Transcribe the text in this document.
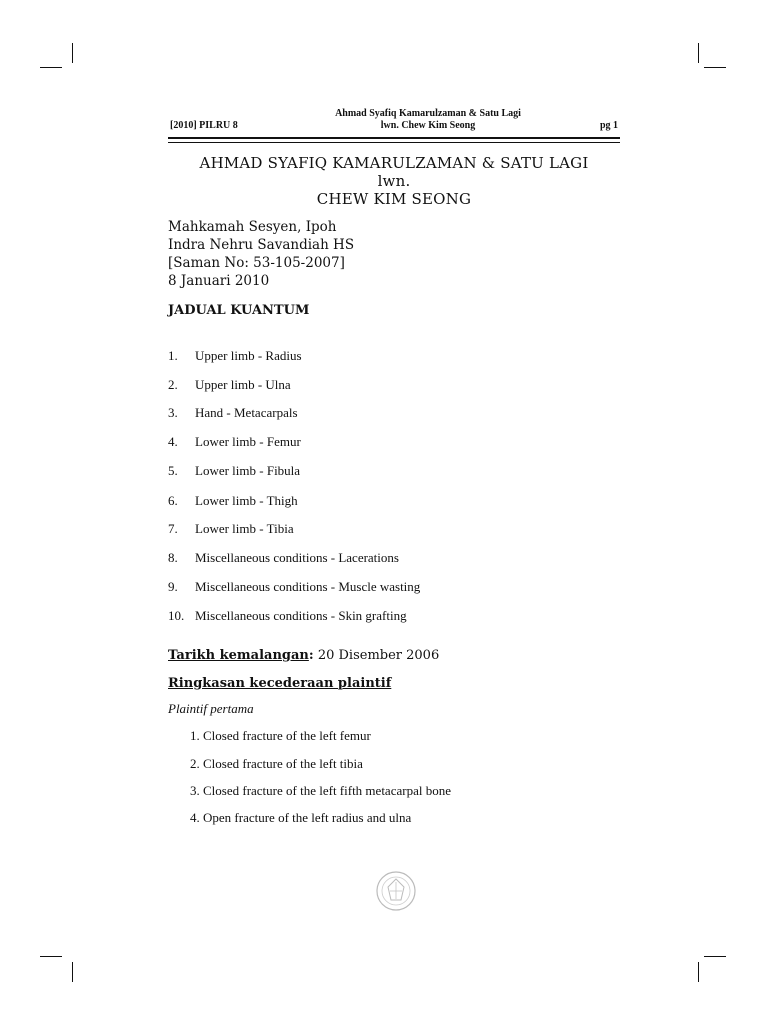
[2010] PILRU 8
Ahmad Syafiq Kamarulzaman & Satu Lagi
lwn. Chew Kim Seong	pg 1
AHMAD SYAFIQ KAMARULZAMAN & SATU LAGI
lwn.
CHEW KIM SEONG
Mahkamah Sesyen, Ipoh
Indra Nehru Savandiah HS
[Saman No: 53-105-2007]
8 Januari 2010
JADUAL KUANTUM
1. Upper limb - Radius
2. Upper limb - Ulna
3. Hand - Metacarpals
4. Lower limb - Femur
5. Lower limb - Fibula
6. Lower limb - Thigh
7. Lower limb - Tibia
8. Miscellaneous conditions - Lacerations
9. Miscellaneous conditions - Muscle wasting
10. Miscellaneous conditions - Skin grafting
Tarikh kemalangan: 20 Disember 2006
Ringkasan kecederaan plaintif
Plaintif pertama
1. Closed fracture of the left femur
2. Closed fracture of the left tibia
3. Closed fracture of the left fifth metacarpal bone
4. Open fracture of the left radius and ulna
